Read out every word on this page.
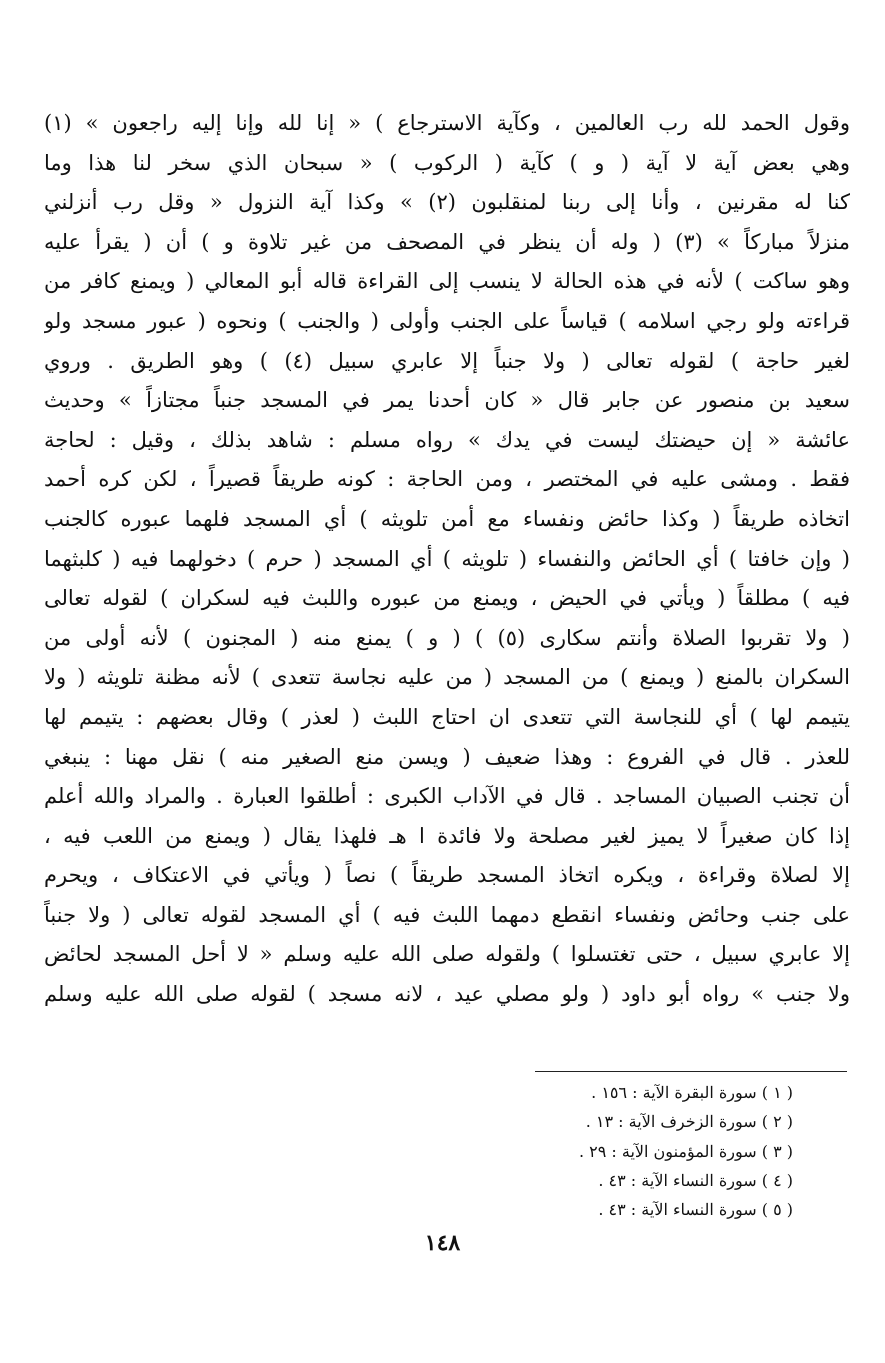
وقول الحمد لله رب العالمين ، وكآية الاسترجاع ) « إنا لله وإنا إليه راجعون » (١)
وهي بعض آية لا آية ( و ) كآية ( الركوب ) « سبحان الذي سخر لنا هذا وما
كنا له مقرنين ، وأنا إلى ربنا لمنقلبون (٢) » وكذا آية النزول « وقل رب أنزلني
منزلاً مباركاً » (٣) ( وله أن ينظر في المصحف من غير تلاوة و ) أن ( يقرأ عليه
وهو ساكت ) لأنه في هذه الحالة لا ينسب إلى القراءة قاله أبو المعالي ( ويمنع كافر من
قراءته ولو رجي اسلامه ) قياساً على الجنب وأولى ( والجنب ) ونحوه ( عبور مسجد ولو
لغير حاجة ) لقوله تعالى ( ولا جنباً إلا عابري سبيل (٤) ) وهو الطريق . وروي
سعيد بن منصور عن جابر قال « كان أحدنا يمر في المسجد جنباً مجتازاً » وحديث
عائشة « إن حيضتك ليست في يدك » رواه مسلم : شاهد بذلك ، وقيل : لحاجة
فقط . ومشى عليه في المختصر ، ومن الحاجة : كونه طريقاً قصيراً ، لكن كره أحمد
اتخاذه طريقاً ( وكذا حائض ونفساء مع أمن تلويثه ) أي المسجد فلهما عبوره كالجنب
( وإن خافتا ) أي الحائض والنفساء ( تلويثه ) أي المسجد ( حرم ) دخولهما فيه ( كلبثهما
فيه ) مطلقاً ( ويأتي في الحيض ، ويمنع من عبوره واللبث فيه لسكران ) لقوله تعالى
( ولا تقربوا الصلاة وأنتم سكارى (٥) ) ( و ) يمنع منه ( المجنون ) لأنه أولى من
السكران بالمنع ( ويمنع ) من المسجد ( من عليه نجاسة تتعدى ) لأنه مظنة تلويثه ( ولا
يتيمم لها ) أي للنجاسة التي تتعدى ان احتاج اللبث ( لعذر ) وقال بعضهم : يتيمم لها
للعذر . قال في الفروع : وهذا ضعيف ( ويسن منع الصغير منه ) نقل مهنا : ينبغي
أن تجنب الصبيان المساجد . قال في الآداب الكبرى : أطلقوا العبارة . والمراد والله أعلم
إذا كان صغيراً لا يميز لغير مصلحة ولا فائدة ا هـ فلهذا يقال ( ويمنع من اللعب فيه ،
إلا لصلاة وقراءة ، ويكره اتخاذ المسجد طريقاً ) نصاً ( ويأتي في الاعتكاف ، ويحرم
على جنب وحائض ونفساء انقطع دمهما اللبث فيه ) أي المسجد لقوله تعالى ( ولا جنباً
إلا عابري سبيل ، حتى تغتسلوا ) ولقوله صلى الله عليه وسلم « لا أحل المسجد لحائض
ولا جنب » رواه أبو داود ( ولو مصلي عيد ، لانه مسجد ) لقوله صلى الله عليه وسلم
( ١ ) سورة البقرة الآية : ١٥٦ .
( ٢ ) سورة الزخرف الآية : ١٣ .
( ٣ ) سورة المؤمنون الآية : ٢٩ .
( ٤ ) سورة النساء الآية : ٤٣ .
( ٥ ) سورة النساء الآية : ٤٣ .
١٤٨
